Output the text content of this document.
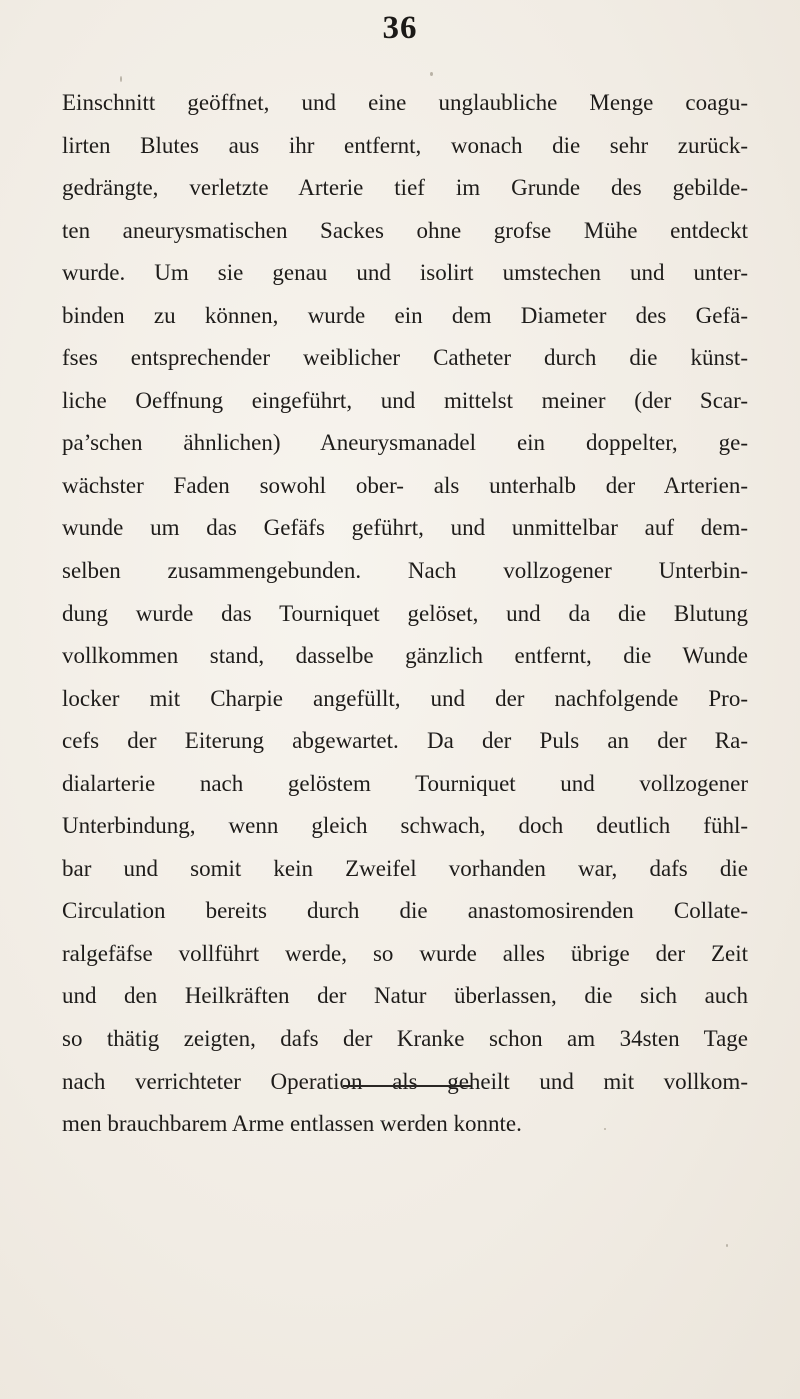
36
Einschnitt geöffnet, und eine unglaubliche Menge coagu-
lirten Blutes aus ihr entfernt, wonach die sehr zurück-
gedrängte, verletzte Arterie tief im Grunde des gebilde-
ten aneurysmatischen Sackes ohne grofse Mühe entdeckt
wurde. Um sie genau und isolirt umstechen und unter-
binden zu können, wurde ein dem Diameter des Gefä-
fses entsprechender weiblicher Catheter durch die künst-
liche Oeffnung eingeführt, und mittelst meiner (der Scar-
pa’schen ähnlichen) Aneurysmanadel ein doppelter, ge-
wächster Faden sowohl ober- als unterhalb der Arterien-
wunde um das Gefäfs geführt, und unmittelbar auf dem-
selben zusammengebunden. Nach vollzogener Unterbin-
dung wurde das Tourniquet gelöset, und da die Blutung
vollkommen stand, dasselbe gänzlich entfernt, die Wunde
locker mit Charpie angefüllt, und der nachfolgende Pro-
cefs der Eiterung abgewartet. Da der Puls an der Ra-
dialarterie nach gelöstem Tourniquet und vollzogener
Unterbindung, wenn gleich schwach, doch deutlich fühl-
bar und somit kein Zweifel vorhanden war, dafs die
Circulation bereits durch die anastomosirenden Collate-
ralgefäfse vollführt werde, so wurde alles übrige der Zeit
und den Heilkräften der Natur überlassen, die sich auch
so thätig zeigten, dafs der Kranke schon am 34sten Tage
nach verrichteter Operation als geheilt und mit vollkom-
men brauchbarem Arme entlassen werden konnte.
